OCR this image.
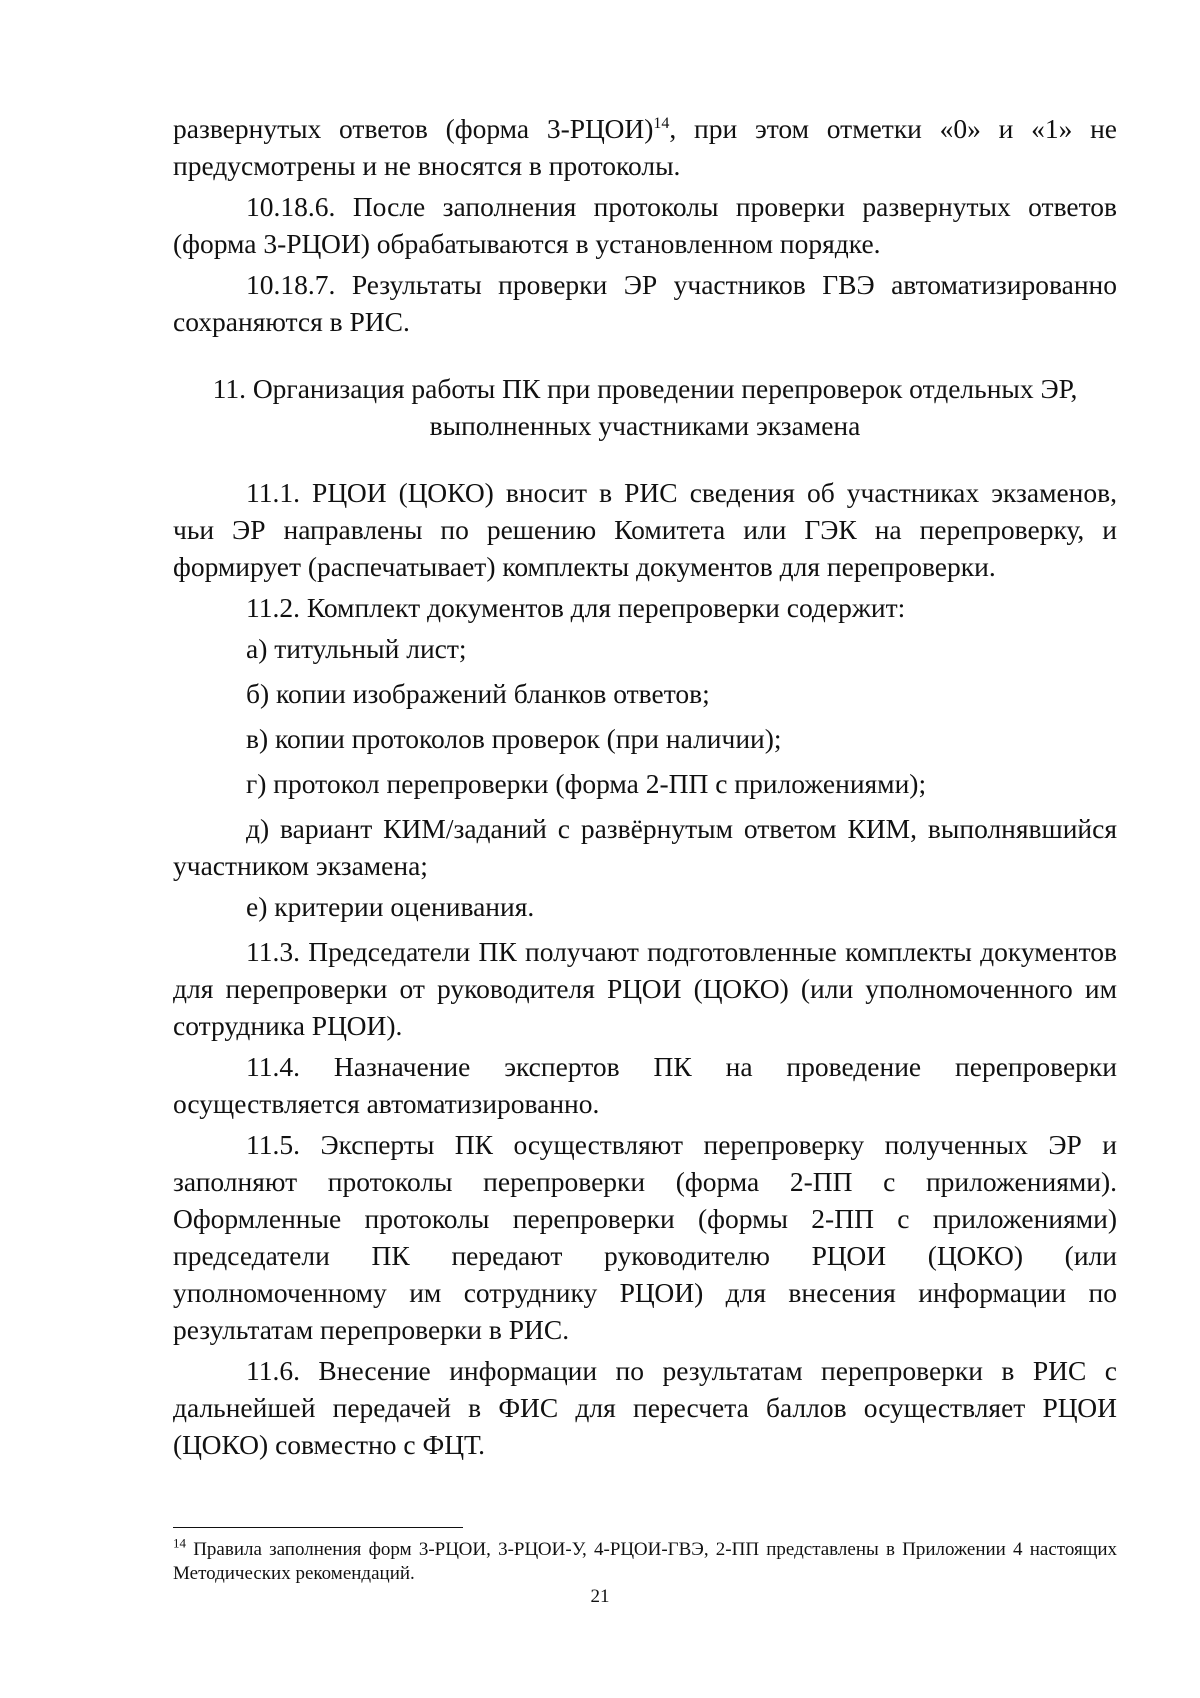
развернутых ответов (форма 3-РЦОИ)$^{14}$, при этом отметки «0» и «1» не предусмотрены и не вносятся в протоколы.

10.18.6. После заполнения протоколы проверки развернутых ответов (форма 3-РЦОИ) обрабатываются в установленном порядке.

10.18.7. Результаты проверки ЭР участников ГВЭ автоматизированно сохраняются в РИС.

11. Организация работы ПК при проведении перепроверок отдельных ЭР,
выполненных участниками экзамена

11.1. РЦОИ (ЦОКО) вносит в РИС сведения об участниках экзаменов, чьи ЭР направлены по решению Комитета или ГЭК на перепроверку, и формирует (распечатывает) комплекты документов для перепроверки.

11.2. Комплект документов для перепроверки содержит:

а) титульный лист;
б) копии изображений бланков ответов;
в) копии протоколов проверок (при наличии);
г) протокол перепроверки (форма 2-ПП с приложениями);

д) вариант КИМ/заданий с развёрнутым ответом КИМ, выполнявшийся участником экзамена;

е) критерии оценивания.

11.3. Председатели ПК получают подготовленные комплекты документов для перепроверки от руководителя РЦОИ (ЦОКО) (или уполномоченного им сотрудника РЦОИ).

11.4. Назначение экспертов ПК на проведение перепроверки осуществляется автоматизированно.

11.5. Эксперты ПК осуществляют перепроверку полученных ЭР и заполняют протоколы перепроверки (форма 2-ПП с приложениями). Оформленные протоколы перепроверки (формы 2-ПП с приложениями) председатели ПК передают руководителю РЦОИ (ЦОКО) (или уполномоченному им сотруднику РЦОИ) для внесения информации по результатам перепроверки в РИС.

11.6. Внесение информации по результатам перепроверки в РИС с дальнейшей передачей в ФИС для пересчета баллов осуществляет РЦОИ (ЦОКО) совместно с ФЦТ.

$^{14}$ Правила заполнения форм 3-РЦОИ, 3-РЦОИ-У, 4-РЦОИ-ГВЭ, 2-ПП представлены в Приложении 4 настоящих Методических рекомендаций.
21
